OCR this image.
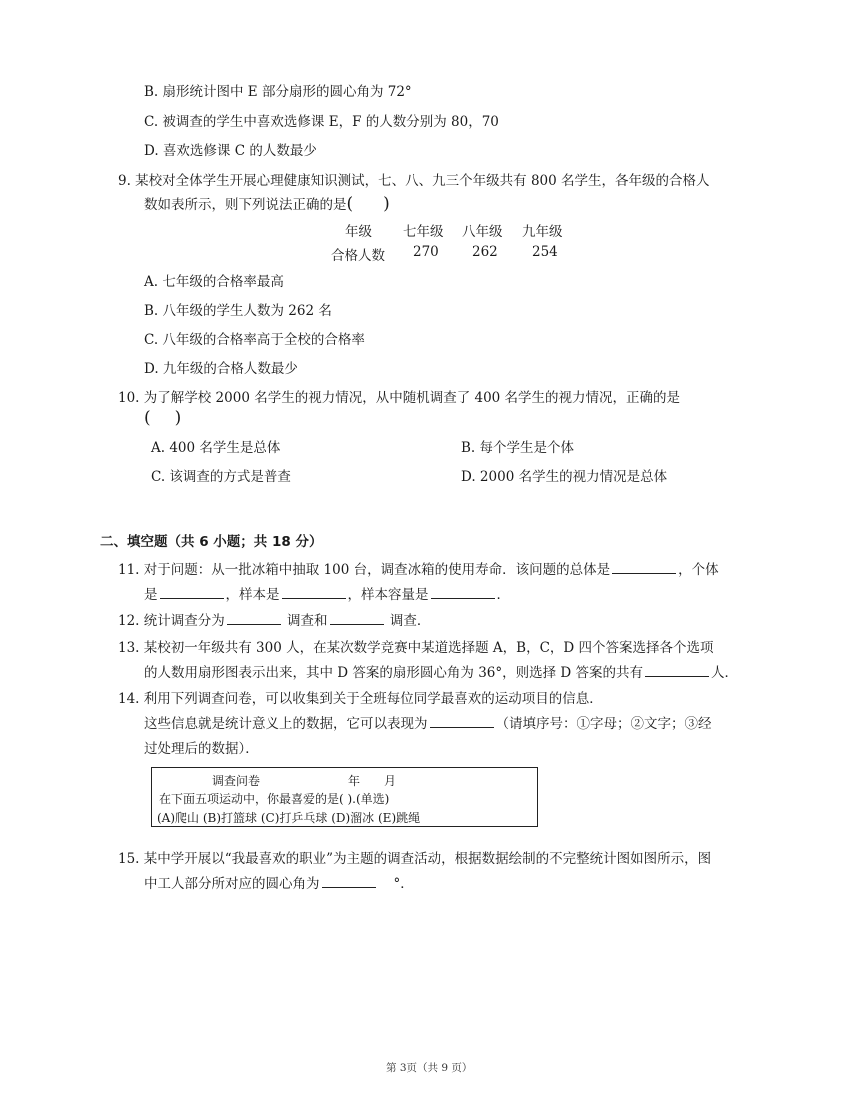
B. 扇形统计图中 E 部分扇形的圆心角为 72°
C. 被调查的学生中喜欢选修课 E，F 的人数分别为 80，70
D. 喜欢选修课 C 的人数最少
9. 某校对全体学生开展心理健康知识测试，七、八、九三个年级共有 800 名学生，各年级的合格人
数如表所示，则下列说法正确的是( )
年级 七年级 八年级 九年级
合格人数 270 262	254
A. 七年级的合格率最高
B. 八年级的学生人数为 262 名
C. 八年级的合格率高于全校的合格率
D. 九年级的合格人数最少
10. 为了解学校 2000 名学生的视力情况，从中随机调查了 400 名学生的视力情况，正确的是
( )
A. 400 名学生是总体	B. 每个学生是个体
C. 该调查的方式是普查	D. 2000 名学生的视力情况是总体
二、填空题（共 6 小题；共 18 分）
11. 对于问题：从一批冰箱中抽取 100 台，调查冰箱的使用寿命．该问题的总体是	，个体
是	，样本是	，样本容量是	．
12. 统计调查分为	调查和	调查．
13. 某校初一年级共有 300 人，在某次数学竞赛中某道选择题 A，B，C，D 四个答案选择各个选项
的人数用扇形图表示出来，其中 D 答案的扇形圆心角为 36°，则选择 D 答案的共有	人．
14. 利用下列调查问卷，可以收集到关于全班每位同学最喜欢的运动项目的信息．
这些信息就是统计意义上的数据，它可以表现为	（请填序号：①字母；②文字；③经
过处理后的数据）．
调查问卷	年 月
在下面五项运动中，你最喜爱的是( ).(单选)
(A)爬山 (B)打篮球 (C)打乒乓球 (D)溜冰 (E)跳绳
15. 某中学开展以“我最喜欢的职业”为主题的调查活动，根据数据绘制的不完整统计图如图所示，图
中工人部分所对应的圆心角为	°．
第 3页（共 9 页）
